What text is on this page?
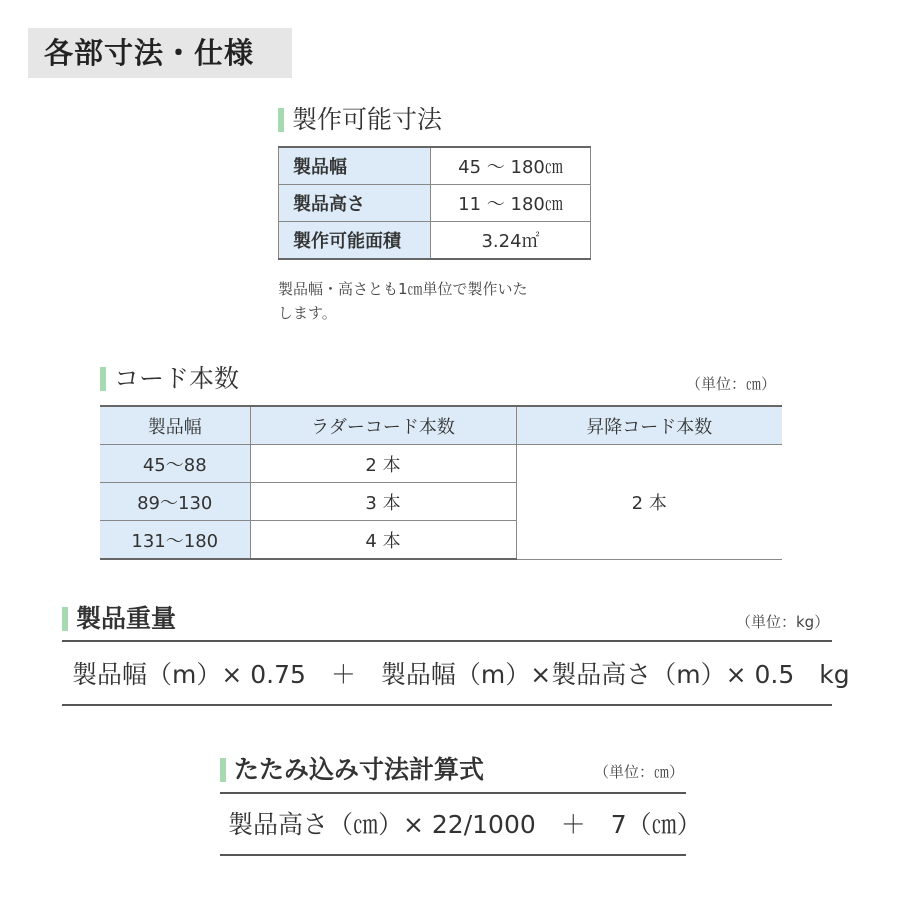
各部寸法・仕様
製作可能寸法
製品幅	45 ～ 180㎝
製品高さ	11 ～ 180㎝
製作可能面積	3.24㎡
製品幅・高さとも1㎝単位で製作いた
します。
コード本数	（単位：㎝）
製品幅	ラダーコード本数	昇降コード本数
45～88	2 本	2 本
89～130	3 本	
131～180	4 本	
製品重量	（単位：kg）
製品幅（m）× 0.75　＋　製品幅（m）×製品高さ（m）× 0.5　kg
たたみ込み寸法計算式	（単位：㎝）
製品高さ（㎝）× 22/1000　＋　7（㎝）
